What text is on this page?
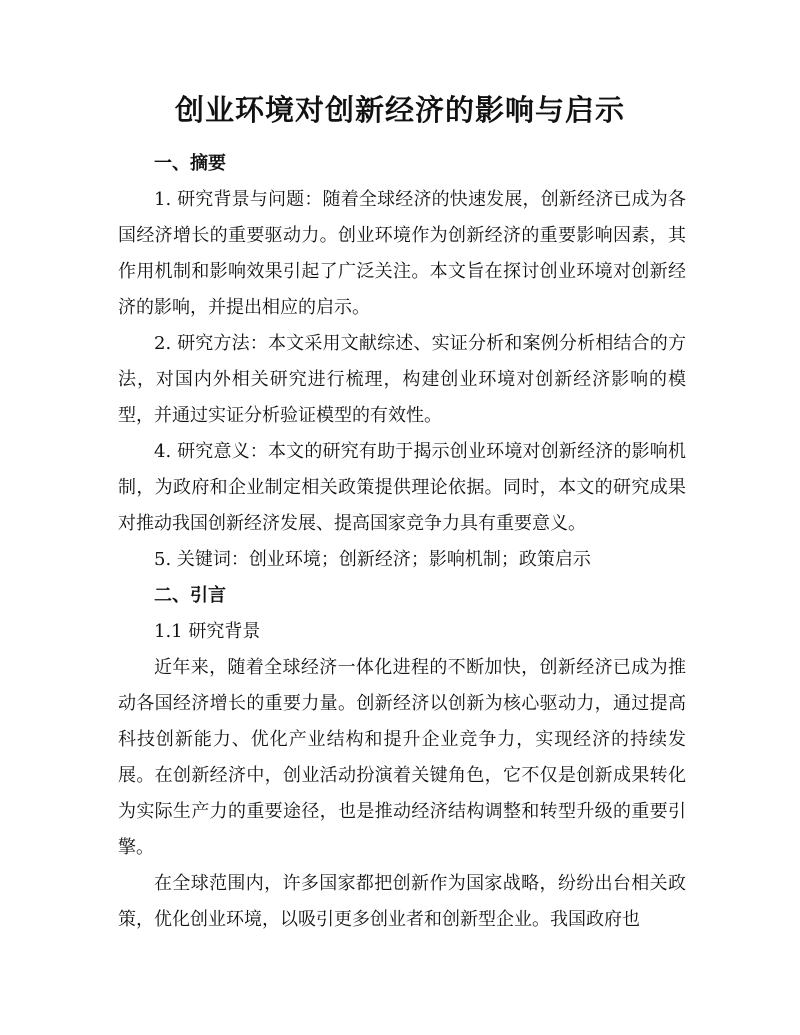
创业环境对创新经济的影响与启示

一、摘要

1. 研究背景与问题：随着全球经济的快速发展，创新经济已成为各国经济增长的重要驱动力。创业环境作为创新经济的重要影响因素，其作用机制和影响效果引起了广泛关注。本文旨在探讨创业环境对创新经济的影响，并提出相应的启示。

2. 研究方法：本文采用文献综述、实证分析和案例分析相结合的方法，对国内外相关研究进行梳理，构建创业环境对创新经济影响的模型，并通过实证分析验证模型的有效性。

4. 研究意义：本文的研究有助于揭示创业环境对创新经济的影响机制，为政府和企业制定相关政策提供理论依据。同时，本文的研究成果对推动我国创新经济发展、提高国家竞争力具有重要意义。

5. 关键词：创业环境；创新经济；影响机制；政策启示

二、引言

1.1 研究背景

近年来，随着全球经济一体化进程的不断加快，创新经济已成为推动各国经济增长的重要力量。创新经济以创新为核心驱动力，通过提高科技创新能力、优化产业结构和提升企业竞争力，实现经济的持续发展。在创新经济中，创业活动扮演着关键角色，它不仅是创新成果转化为实际生产力的重要途径，也是推动经济结构调整和转型升级的重要引擎。

在全球范围内，许多国家都把创新作为国家战略，纷纷出台相关政策，优化创业环境，以吸引更多创业者和创新型企业。我国政府也
